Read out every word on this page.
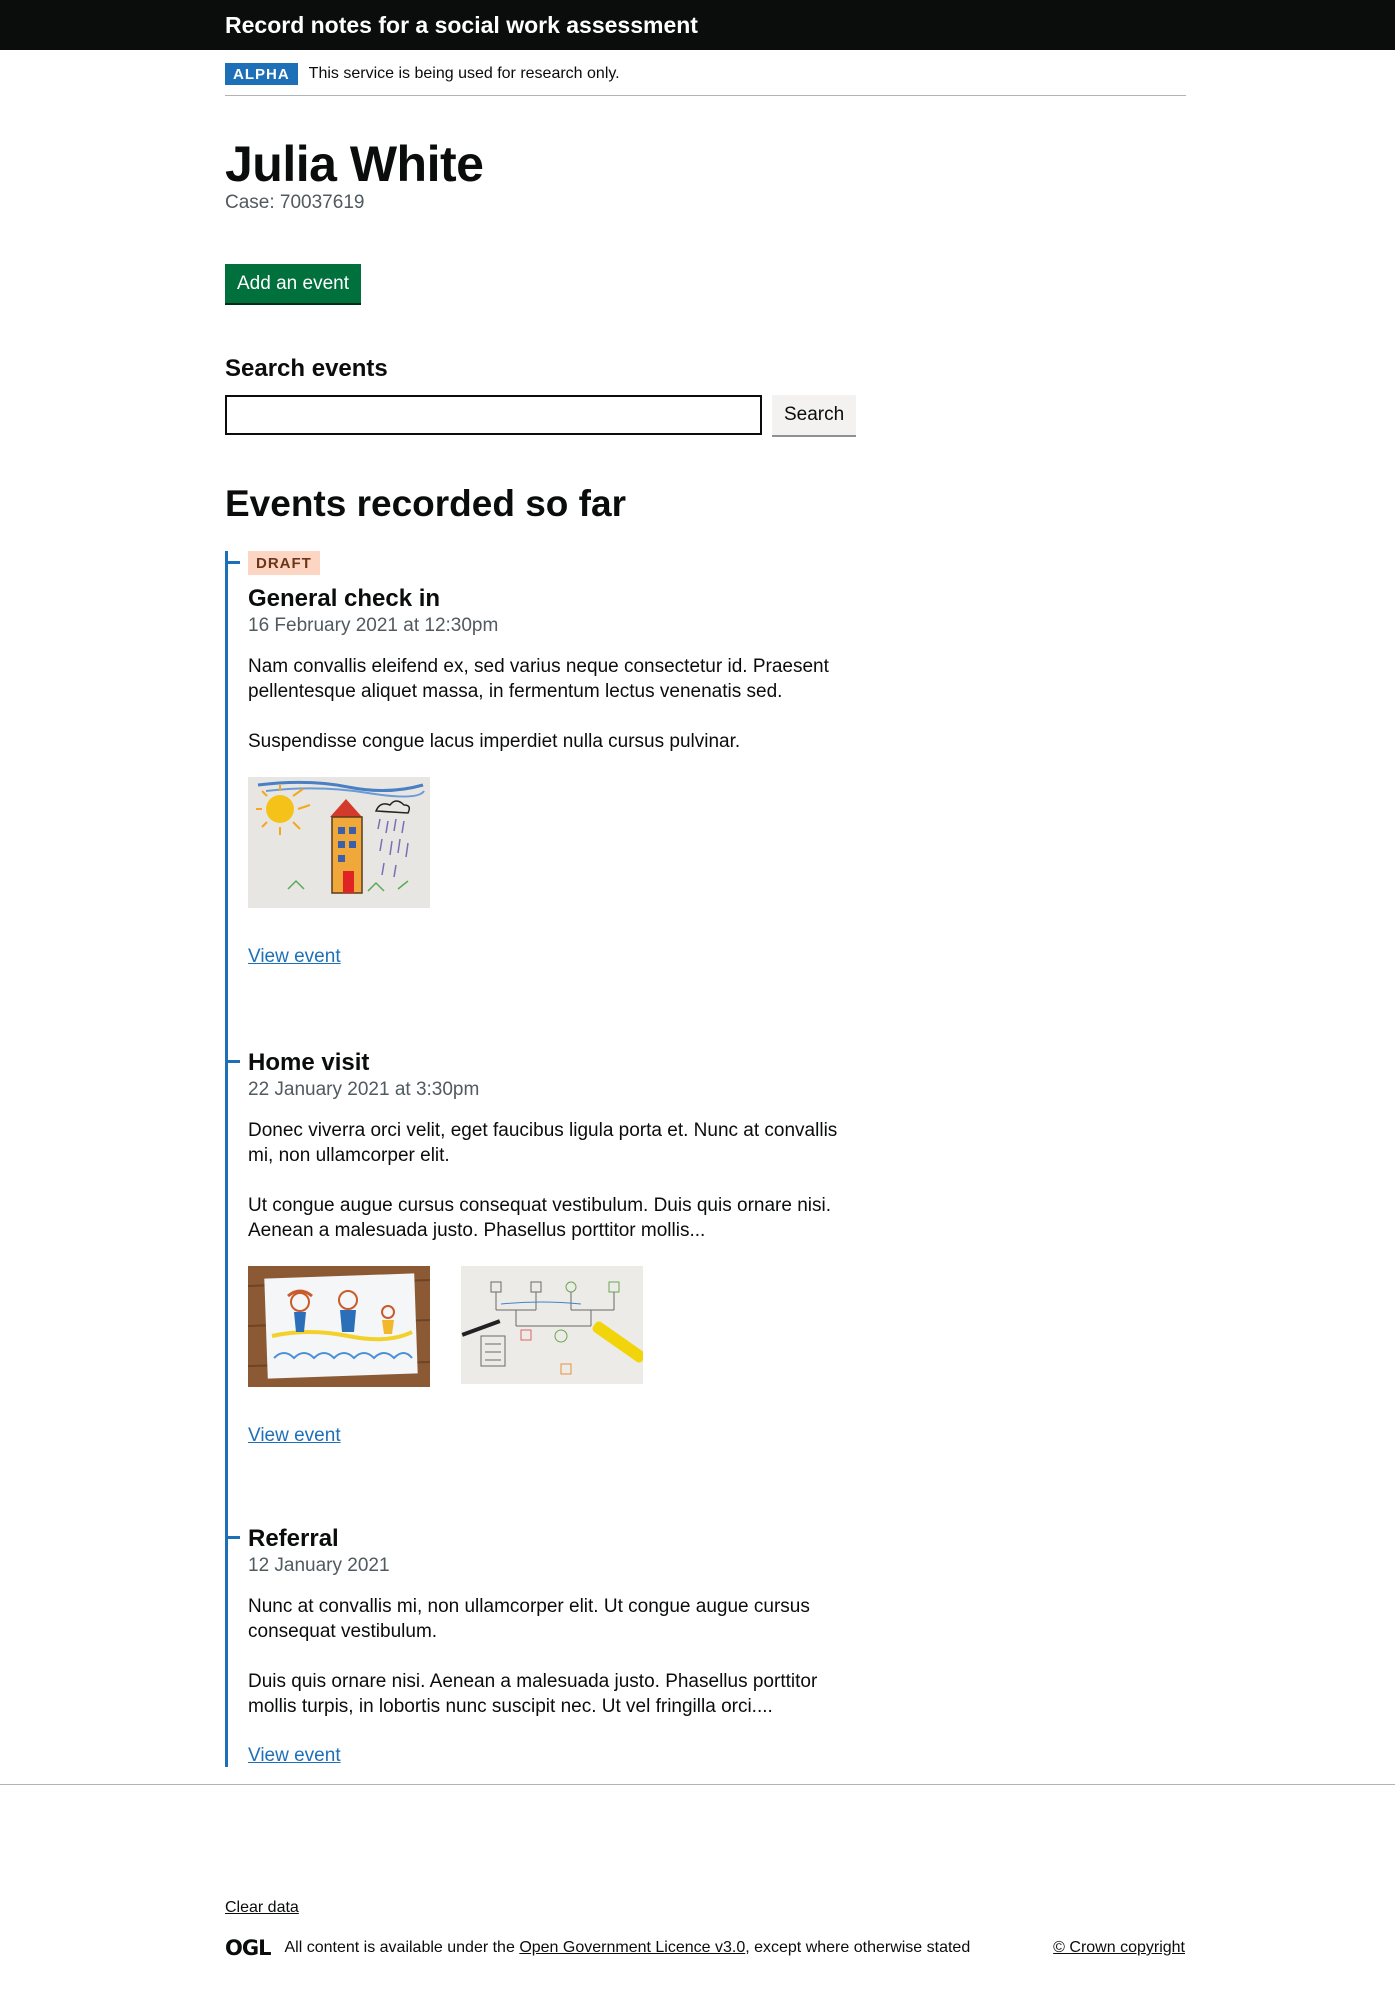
Record notes for a social work assessment
ALPHA	This service is being used for research only.
Julia White
Case: 70037619
Add an event
Search events
Search
Events recorded so far
DRAFT
General check in
16 February 2021 at 12:30pm

Nam convallis eleifend ex, sed varius neque consectetur id. Praesent pellentesque aliquet massa, in fermentum lectus venenatis sed.

Suspendisse congue lacus imperdiet nulla cursus pulvinar.

View event
Home visit
22 January 2021 at 3:30pm

Donec viverra orci velit, eget faucibus ligula porta et. Nunc at convallis mi, non ullamcorper elit.

Ut congue augue cursus consequat vestibulum. Duis quis ornare nisi. Aenean a malesuada justo. Phasellus porttitor mollis...

View event
Referral
12 January 2021

Nunc at convallis mi, non ullamcorper elit. Ut congue augue cursus consequat vestibulum.

Duis quis ornare nisi. Aenean a malesuada justo. Phasellus porttitor mollis turpis, in lobortis nunc suscipit nec. Ut vel fringilla orci....

View event
Clear data
OGL All content is available under the
Open Government Licence v3.0 , except where otherwise stated	© Crown copyright
